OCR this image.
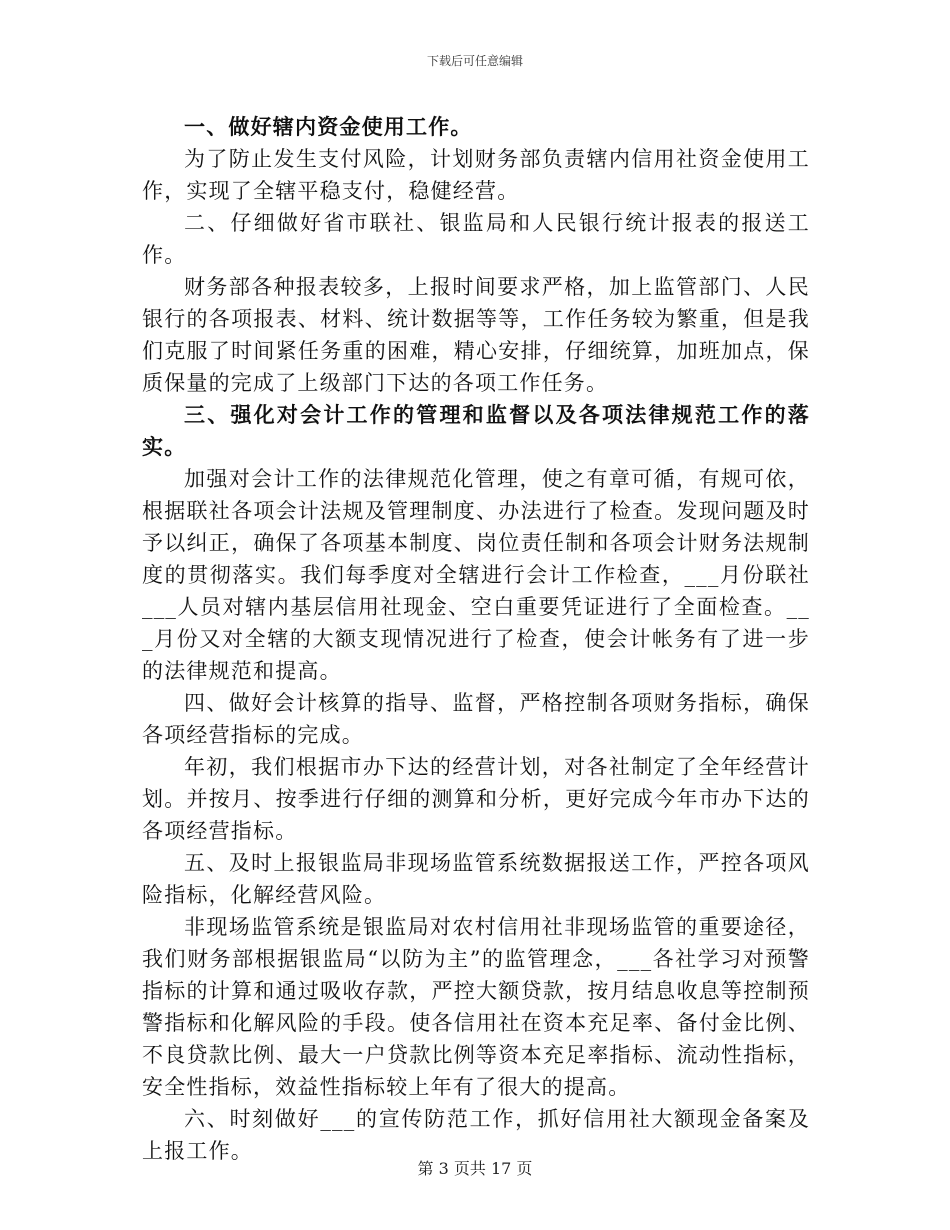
下载后可任意编辑

一、做好辖内资金使用工作。

为了防止发生支付风险，计划财务部负责辖内信用社资金使用工作，实现了全辖平稳支付，稳健经营。

二、仔细做好省市联社、银监局和人民银行统计报表的报送工作。

财务部各种报表较多，上报时间要求严格，加上监管部门、人民银行的各项报表、材料、统计数据等等，工作任务较为繁重，但是我们克服了时间紧任务重的困难，精心安排，仔细统算，加班加点，保质保量的完成了上级部门下达的各项工作任务。

三、强化对会计工作的管理和监督以及各项法律规范工作的落实。

加强对会计工作的法律规范化管理，使之有章可循，有规可依，根据联社各项会计法规及管理制度、办法进行了检查。发现问题及时予以纠正，确保了各项基本制度、岗位责任制和各项会计财务法规制度的贯彻落实。我们每季度对全辖进行会计工作检查，___月份联社___人员对辖内基层信用社现金、空白重要凭证进行了全面检查。___月份又对全辖的大额支现情况进行了检查，使会计帐务有了进一步的法律规范和提高。

四、做好会计核算的指导、监督，严格控制各项财务指标，确保各项经营指标的完成。

年初，我们根据市办下达的经营计划，对各社制定了全年经营计划。并按月、按季进行仔细的测算和分析，更好完成今年市办下达的各项经营指标。

五、及时上报银监局非现场监管系统数据报送工作，严控各项风险指标，化解经营风险。

非现场监管系统是银监局对农村信用社非现场监管的重要途径，我们财务部根据银监局“以防为主”的监管理念，___各社学习对预警指标的计算和通过吸收存款，严控大额贷款，按月结息收息等控制预警指标和化解风险的手段。使各信用社在资本充足率、备付金比例、不良贷款比例、最大一户贷款比例等资本充足率指标、流动性指标，安全性指标，效益性指标较上年有了很大的提高。

六、时刻做好___的宣传防范工作，抓好信用社大额现金备案及上报工作。

第 3 页共 17 页
